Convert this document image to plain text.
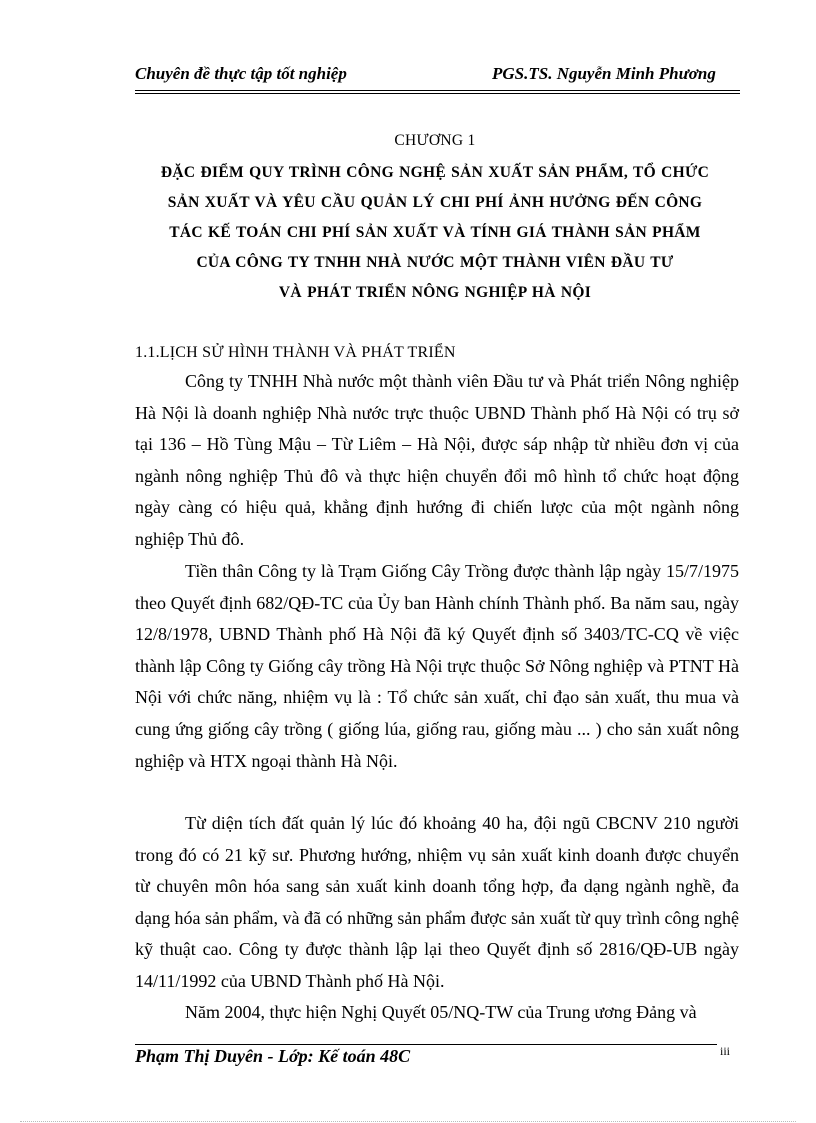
Chuyên đề thực tập tốt nghiệp	PGS.TS. Nguyễn Minh Phương
CHƯƠNG 1
ĐẶC ĐIỂM QUY TRÌNH CÔNG NGHỆ SẢN XUẤT SẢN PHẨM, TỔ CHỨC
SẢN XUẤT VÀ YÊU CẦU QUẢN LÝ CHI PHÍ ẢNH HƯỞNG ĐẾN CÔNG
TÁC KẾ TOÁN CHI PHÍ SẢN XUẤT VÀ TÍNH GIÁ THÀNH SẢN PHẨM
CỦA CÔNG TY TNHH NHÀ NƯỚC MỘT THÀNH VIÊN ĐẦU TƯ
VÀ PHÁT TRIỂN NÔNG NGHIỆP HÀ NỘI
1.1.LỊCH SỬ HÌNH THÀNH VÀ PHÁT TRIỂN

Công ty TNHH Nhà nước một thành viên Đầu tư và Phát triển Nông nghiệp Hà Nội là doanh nghiệp Nhà nước trực thuộc UBND Thành phố Hà Nội có trụ sở tại 136 – Hồ Tùng Mậu – Từ Liêm – Hà Nội, được sáp nhập từ nhiều đơn vị của ngành nông nghiệp Thủ đô và thực hiện chuyển đổi mô hình tổ chức hoạt động ngày càng có hiệu quả, khẳng định hướng đi chiến lược của một ngành nông nghiệp Thủ đô.

Tiền thân Công ty là Trạm Giống Cây Trồng được thành lập ngày 15/7/1975 theo Quyết định 682/QĐ-TC của Ủy ban Hành chính Thành phố. Ba năm sau, ngày 12/8/1978, UBND Thành phố Hà Nội đã ký Quyết định số 3403/TC-CQ về việc thành lập Công ty Giống cây trồng Hà Nội trực thuộc Sở Nông nghiệp và PTNT Hà Nội với chức năng, nhiệm vụ là : Tổ chức sản xuất, chỉ đạo sản xuất, thu mua và cung ứng giống cây trồng ( giống lúa, giống rau, giống màu ... ) cho sản xuất nông nghiệp và HTX ngoại thành Hà Nội.

Từ diện tích đất quản lý lúc đó khoảng 40 ha, đội ngũ CBCNV 210 người trong đó có 21 kỹ sư. Phương hướng, nhiệm vụ sản xuất kinh doanh được chuyển từ chuyên môn hóa sang sản xuất kinh doanh tổng hợp, đa dạng ngành nghề, đa dạng hóa sản phẩm, và đã có những sản phẩm được sản xuất từ quy trình công nghệ kỹ thuật cao. Công ty được thành lập lại theo Quyết định số 2816/QĐ-UB ngày 14/11/1992 của UBND Thành phố Hà Nội.

Năm 2004, thực hiện Nghị Quyết 05/NQ-TW của Trung ương Đảng và

Phạm Thị Duyên - Lớp: Kế toán 48C	iii
